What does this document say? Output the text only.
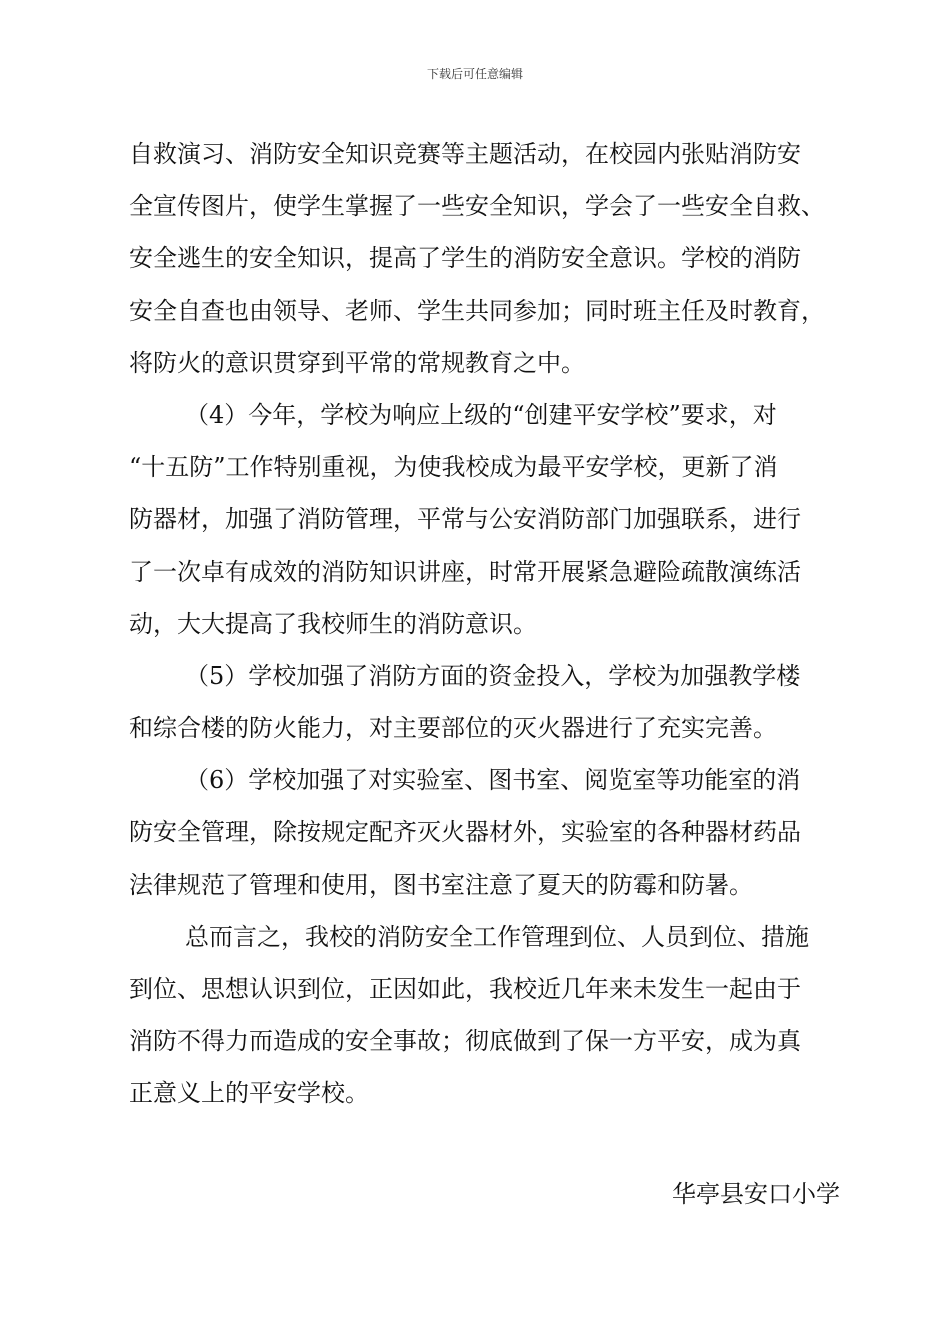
下载后可任意编辑
自救演习、消防安全知识竞赛等主题活动，在校园内张贴消防安
全宣传图片，使学生掌握了一些安全知识，学会了一些安全自救、
安全逃生的安全知识，提高了学生的消防安全意识。学校的消防
安全自查也由领导、老师、学生共同参加；同时班主任及时教育，
将防火的意识贯穿到平常的常规教育之中。
（4）今年，学校为响应上级的“创建平安学校”要求，对
“十五防”工作特别重视，为使我校成为最平安学校，更新了消
防器材，加强了消防管理，平常与公安消防部门加强联系，进行
了一次卓有成效的消防知识讲座，时常开展紧急避险疏散演练活
动，大大提高了我校师生的消防意识。
（5）学校加强了消防方面的资金投入，学校为加强教学楼
和综合楼的防火能力，对主要部位的灭火器进行了充实完善。
（6）学校加强了对实验室、图书室、阅览室等功能室的消
防安全管理，除按规定配齐灭火器材外，实验室的各种器材药品
法律规范了管理和使用，图书室注意了夏天的防霉和防暑。
总而言之，我校的消防安全工作管理到位、人员到位、措施
到位、思想认识到位，正因如此，我校近几年来未发生一起由于
消防不得力而造成的安全事故；彻底做到了保一方平安，成为真
正意义上的平安学校。
华亭县安口小学
